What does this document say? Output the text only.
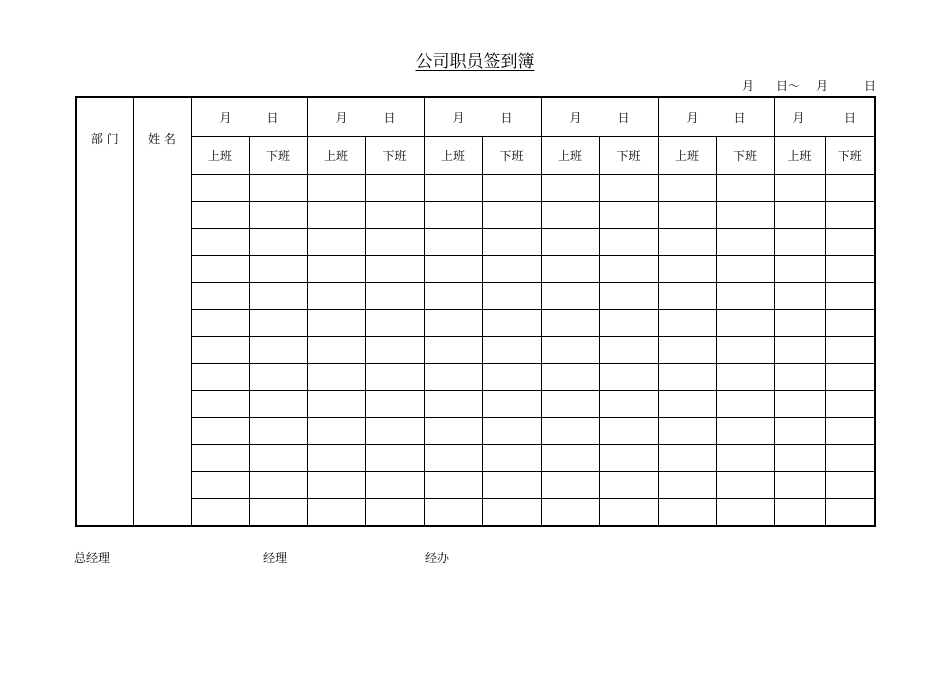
公司职员签到簿
月 日～ 月	日
部 门	姓 名	月 日		月 日		月 日		月 日		月 日		月 日	

		上班	下班	上班	下班	上班	下班	上班	下班	上班	下班	上班	下班

总经理	经理	经办
